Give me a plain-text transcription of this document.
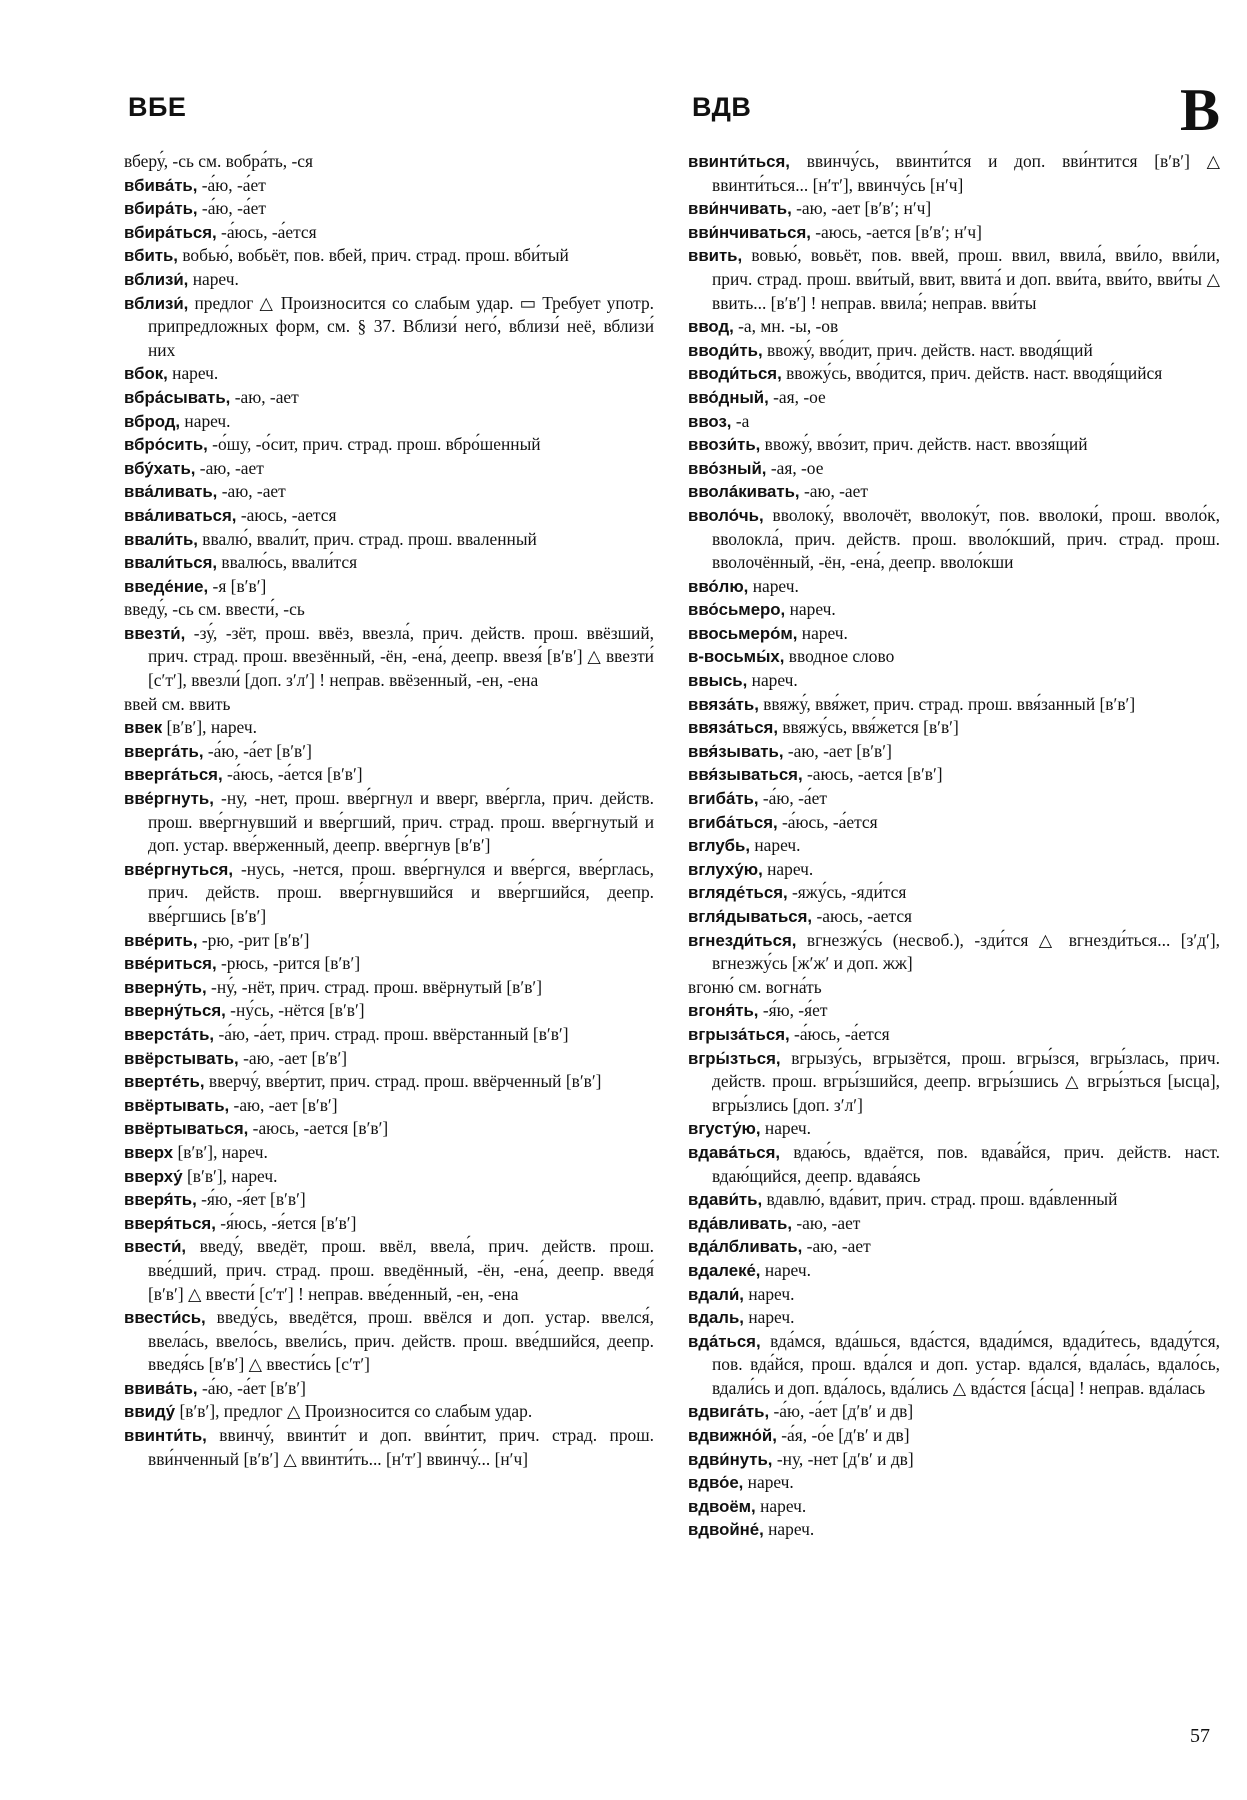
ВБЕ	ВДВ	В

вберу́, -сь см. вобра́ть, -ся

вбива́ть, -а́ю, -а́ет

вбира́ть, -а́ю, -а́ет

вбира́ться, -а́юсь, -а́ется

вбить, вобью́, вобьёт, пов. вбей, прич. страд. прош. вби́тый

вблизи́, нареч.

вблизи́, предлог △ Произносится со слабым удар. ▭ Требует употр. припредложных форм, см. § 37. Вблизи́ него́, вблизи́ неё, вблизи́ них

вбок, нареч.

вбра́сывать, -аю, -ает

вброд, нареч.

вбро́сить, -о́шу, -о́сит, прич. страд. прош. вбро́шенный

вбу́хать, -аю, -ает

вва́ливать, -аю, -ает

вва́ливаться, -аюсь, -ается

ввали́ть, ввалю́, ввали́т, прич. страд. прош. вваленный

ввали́ться, ввалю́сь, ввали́тся

введе́ние, -я [вʹвʹ]

введу́, -сь см. ввести́, -сь

ввезти́, -зу́, -зёт, прош. ввёз, ввезла́, прич. действ. прош. ввёзший, прич. страд. прош. ввезённый, -ён, -ена́, деепр. ввезя́ [вʹвʹ] △ ввезти́ [сʹтʹ], ввезли́ [доп. зʹлʹ] ! неправ. ввёзенный, -ен, -ена

ввей см. ввить

ввек [вʹвʹ], нареч.

вверга́ть, -а́ю, -а́ет [вʹвʹ]

вверга́ться, -а́юсь, -а́ется [вʹвʹ]

вве́ргнуть, -ну, -нет, прош. вве́ргнул и вверг, вве́ргла, прич. действ. прош. вве́ргнувший и вве́ргший, прич. страд. прош. вве́ргнутый и доп. устар. вве́рженный, деепр. вве́ргнув [вʹвʹ]

вве́ргнуться, -нусь, -нется, прош. вве́ргнулся и вве́ргся, вве́рглась, прич. действ. прош. вве́ргнувшийся и вве́ргшийся, деепр. вве́ргшись [вʹвʹ]

вве́рить, -рю, -рит [вʹвʹ]

вве́риться, -рюсь, -рится [вʹвʹ]

вверну́ть, -ну́, -нёт, прич. страд. прош. ввёрнутый [вʹвʹ]

вверну́ться, -ну́сь, -нётся [вʹвʹ]

вверста́ть, -а́ю, -а́ет, прич. страд. прош. ввёрстанный [вʹвʹ]

ввёрстывать, -аю, -ает [вʹвʹ]

ввертéть, вверчу́, вве́ртит, прич. страд. прош. ввёрченный [вʹвʹ]

ввёртывать, -аю, -ает [вʹвʹ]

ввёртываться, -аюсь, -ается [вʹвʹ]

вверх [вʹвʹ], нареч.

вверху́ [вʹвʹ], нареч.

вверя́ть, -я́ю, -я́ет [вʹвʹ]

вверя́ться, -я́юсь, -я́ется [вʹвʹ]

ввести́, введу́, введёт, прош. ввёл, ввела́, прич. действ. прош. вве́дший, прич. страд. прош. введённый, -ён, -ена́, деепр. введя́ [вʹвʹ] △ ввести́ [сʹтʹ] ! неправ. вве́денный, -ен, -ена

ввести́сь, введу́сь, введётся, прош. ввёлся и доп. устар. ввелся́, ввела́сь, ввело́сь, ввели́сь, прич. действ. прош. вве́дшийся, деепр. введя́сь [вʹвʹ] △ ввести́сь [сʹтʹ]

ввива́ть, -а́ю, -а́ет [вʹвʹ]

ввиду́ [вʹвʹ], предлог △ Произносится со слабым удар.

ввинти́ть, ввинчу́, ввинти́т и доп. вви́нтит, прич. страд. прош. вви́нченный [вʹвʹ] △ ввинти́ть... [нʹтʹ] ввинчу́... [нʹч]

ввинти́ться, ввинчу́сь, ввинти́тся и доп. вви́нтится [вʹвʹ] △ ввинти́ться... [нʹтʹ], ввинчу́сь [нʹч]

вви́нчивать, -аю, -ает [вʹвʹ; нʹч]

вви́нчиваться, -аюсь, -ается [вʹвʹ; нʹч]

ввить, вовью́, вовьёт, пов. ввей, прош. ввил, ввила́, вви́ло, вви́ли, прич. страд. прош. вви́тый, ввит, ввита́ и доп. вви́та, вви́то, вви́ты △ ввить... [вʹвʹ] ! неправ. ввила́; неправ. вви́ты

ввод, -а, мн. -ы, -ов

вводи́ть, ввожу́, вво́дит, прич. действ. наст. вводя́щий

вводи́ться, ввожу́сь, вво́дится, прич. действ. наст. вводя́щийся

вво́дный, -ая, -ое

ввоз, -а

ввози́ть, ввожу́, вво́зит, прич. действ. наст. ввозя́щий

вво́зный, -ая, -ое

вволáкивать, -аю, -ает

вволо́чь, вволоку́, вволочёт, вволоку́т, пов. вволоки́, прош. вволо́к, вволокла́, прич. действ. прош. вволо́кший, прич. страд. прош. вволочённый, -ён, -ена́, деепр. вволо́кши

вво́лю, нареч.

вво́сьмеро, нареч.

ввосьмеро́м, нареч.

в-восьмы́х, вводное слово

ввысь, нареч.

ввяза́ть, ввяжу́, ввя́жет, прич. страд. прош. ввя́занный [вʹвʹ]

ввяза́ться, ввяжу́сь, ввя́жется [вʹвʹ]

ввя́зывать, -аю, -ает [вʹвʹ]

ввя́зываться, -аюсь, -ается [вʹвʹ]

вгиба́ть, -а́ю, -а́ет

вгиба́ться, -а́юсь, -а́ется

вглубь, нареч.

вглуху́ю, нареч.

вгляде́ться, -яжу́сь, -яди́тся

вгля́дываться, -аюсь, -ается

вгнезди́ться, вгнезжу́сь (несвоб.), -зди́тся △ вгнезди́ться... [зʹдʹ], вгнезжу́сь [жʹжʹ и доп. жж]

вгоню́ см. вогна́ть

вгоня́ть, -я́ю, -я́ет

вгрыза́ться, -а́юсь, -а́ется

вгры́зться, вгрызу́сь, вгрызётся, прош. вгры́зся, вгры́злась, прич. действ. прош. вгры́зшийся, деепр. вгры́зшись △ вгры́зться [ысца], вгры́злись [доп. зʹлʹ]

вгусту́ю, нареч.

вдава́ться, вдаю́сь, вдаётся, пов. вдава́йся, прич. действ. наст. вдаю́щийся, деепр. вдава́ясь

вдави́ть, вдавлю́, вда́вит, прич. страд. прош. вда́вленный

вда́вливать, -аю, -ает

вда́лбливать, -аю, -ает

вдалеке́, нареч.

вдали́, нареч.

вдаль, нареч.

вда́ться, вда́мся, вда́шься, вда́стся, вдади́мся, вдади́тесь, вдаду́тся, пов. вда́йся, прош. вда́лся и доп. устар. вдался́, вдала́сь, вдало́сь, вдали́сь и доп. вда́лось, вда́лись △ вда́стся [а́сца] ! неправ. вда́лась

вдвига́ть, -а́ю, -а́ет [дʹвʹ и дв]

вдвижно́й, -а́я, -о́е [дʹвʹ и дв]

вдви́нуть, -ну, -нет [дʹвʹ и дв]

вдво́е, нареч.

вдвоём, нареч.

вдвойне́, нареч.

57
